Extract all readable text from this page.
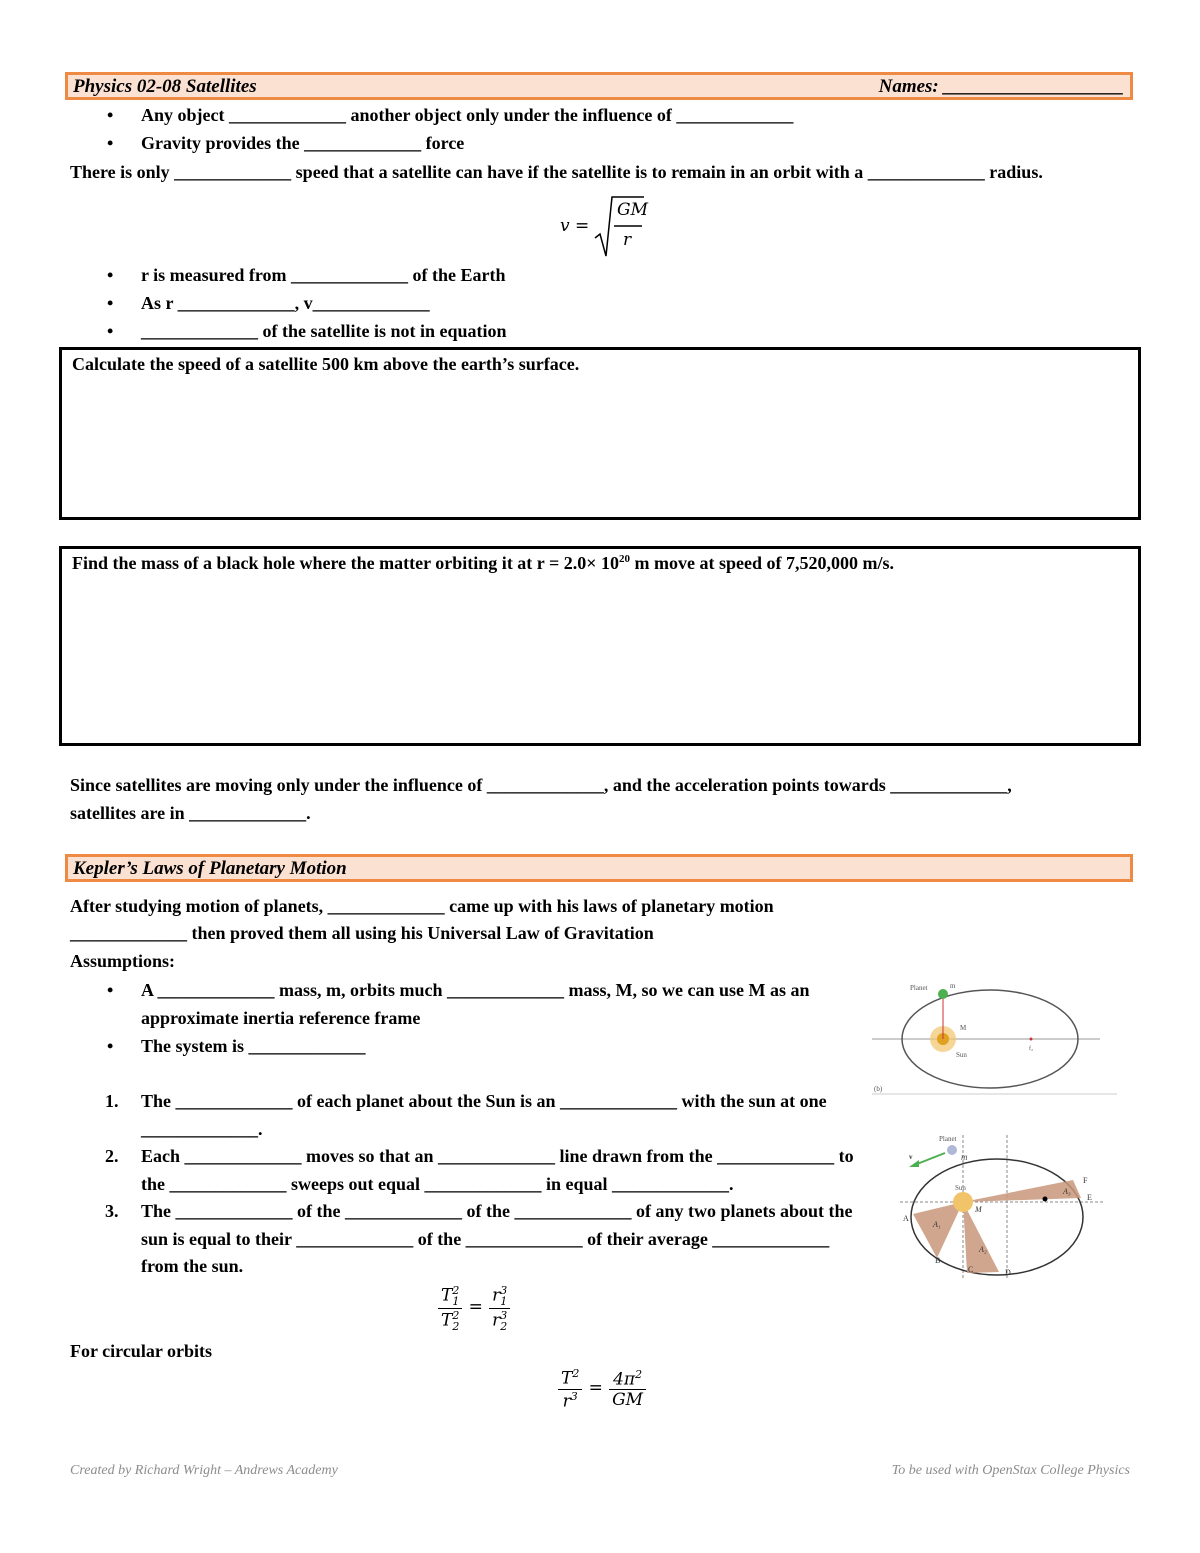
Physics 02-08 Satellites	Names: ___________________
• Any object _____________ another object only under the influence of _____________
• Gravity provides the _____________ force
There is only _____________ speed that a satellite can have if the satellite is to remain in an orbit with a _____________ radius.
v =
GM
r
• r is measured from _____________ of the Earth
• As r _____________, v_____________
• _____________ of the satellite is not in equation
Calculate the speed of a satellite 500 km above the earth’s surface.
Find the mass of a black hole where the matter orbiting it at $r = 2.0\times 10^{20}$ m move at speed of 7,520,000 m/s.
Since satellites are moving only under the influence of _____________, and the acceleration points towards _____________,
satellites are in _____________.
Kepler’s Laws of Planetary Motion
After studying motion of planets, _____________ came up with his laws of planetary motion
_____________ then proved them all using his Universal Law of Gravitation
Assumptions:
• A _____________ mass, m, orbits much _____________ mass, M, so we can use M as an
approximate inertia reference frame
• The system is _____________
1. The _____________ of each planet about the Sun is an _____________ with the sun at one
_____________.
2. Each _____________ moves so that an _____________ line drawn from the _____________ to
the _____________ sweeps out equal _____________ in equal _____________.
3. The _____________ of the _____________ of the _____________ of any two planets about the
sun is equal to their _____________ of the _____________ of their average _____________
from the sun.
$\frac{T^2_1}{T^2_2} = \frac{r^3_1}{r^3_2}$
For circular orbits
$\frac{T^2}{r^3} = \frac{4\pi^2}{GM}$
Planet	m
M
Sun
f₂
(b)
Planet
m
v
Sun
M
A
B
C	D
E
F
A₁
A₂
A₃
Created by Richard Wright – Andrews Academy	To be used with OpenStax College Physics
